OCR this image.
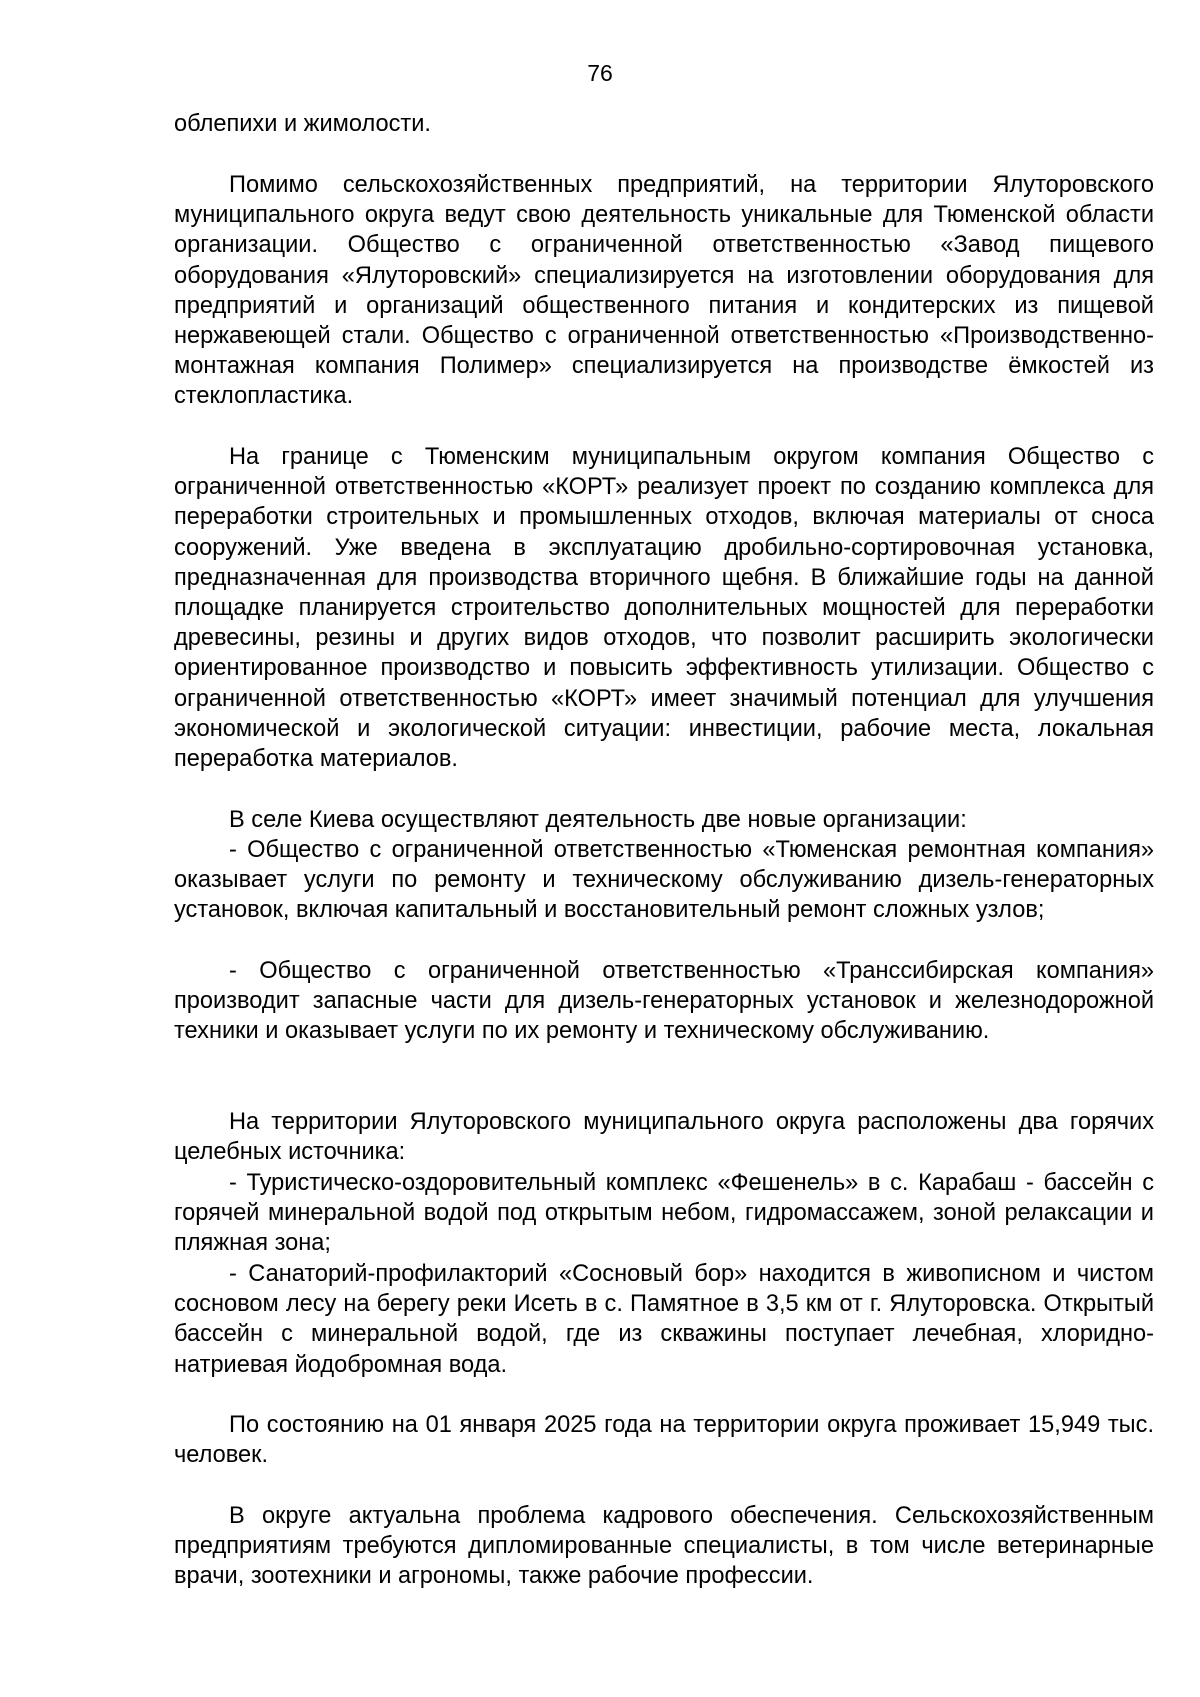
76

облепихи и жимолости.

Помимо сельскохозяйственных предприятий, на территории Ялуторовского муниципального округа ведут свою деятельность уникальные для Тюменской области организации. Общество с ограниченной ответственностью «Завод пищевого оборудования «Ялуторовский» специализируется на изготовлении оборудования для предприятий и организаций общественного питания и кондитерских из пищевой нержавеющей стали. Общество с ограниченной ответственностью «Производственно-монтажная компания Полимер» специализируется на производстве ёмкостей из стеклопластика.

На границе с Тюменским муниципальным округом компания Общество с ограниченной ответственностью «КОРТ» реализует проект по созданию комплекса для переработки строительных и промышленных отходов, включая материалы от сноса сооружений. Уже введена в эксплуатацию дробильно-сортировочная установка, предназначенная для производства вторичного щебня. В ближайшие годы на данной площадке планируется строительство дополнительных мощностей для переработки древесины, резины и других видов отходов, что позволит расширить экологически ориентированное производство и повысить эффективность утилизации. Общество с ограниченной ответственностью «КОРТ» имеет значимый потенциал для улучшения экономической и экологической ситуации: инвестиции, рабочие места, локальная переработка материалов.

В селе Киева осуществляют деятельность две новые организации:

- Общество с ограниченной ответственностью «Тюменская ремонтная компания» оказывает услуги по ремонту и техническому обслуживанию дизель-генераторных установок, включая капитальный и восстановительный ремонт сложных узлов;

- Общество с ограниченной ответственностью «Транссибирская компания» производит запасные части для дизель-генераторных установок и железнодорожной техники и оказывает услуги по их ремонту и техническому обслуживанию.

На территории Ялуторовского муниципального округа расположены два горячих целебных источника:

- Туристическо-оздоровительный комплекс «Фешенель» в с. Карабаш - бассейн с горячей минеральной водой под открытым небом, гидромассажем, зоной релаксации и пляжная зона;

- Санаторий-профилакторий «Сосновый бор» находится в живописном и чистом сосновом лесу на берегу реки Исеть в с. Памятное в 3,5 км от г. Ялуторовска. Открытый бассейн с минеральной водой, где из скважины поступает лечебная, хлоридно-натриевая йодобромная вода.

По состоянию на 01 января 2025 года на территории округа проживает 15,949 тыс. человек.

В округе актуальна проблема кадрового обеспечения. Сельскохозяйственным предприятиям требуются дипломированные специалисты, в том числе ветеринарные врачи, зоотехники и агрономы, также рабочие профессии.
